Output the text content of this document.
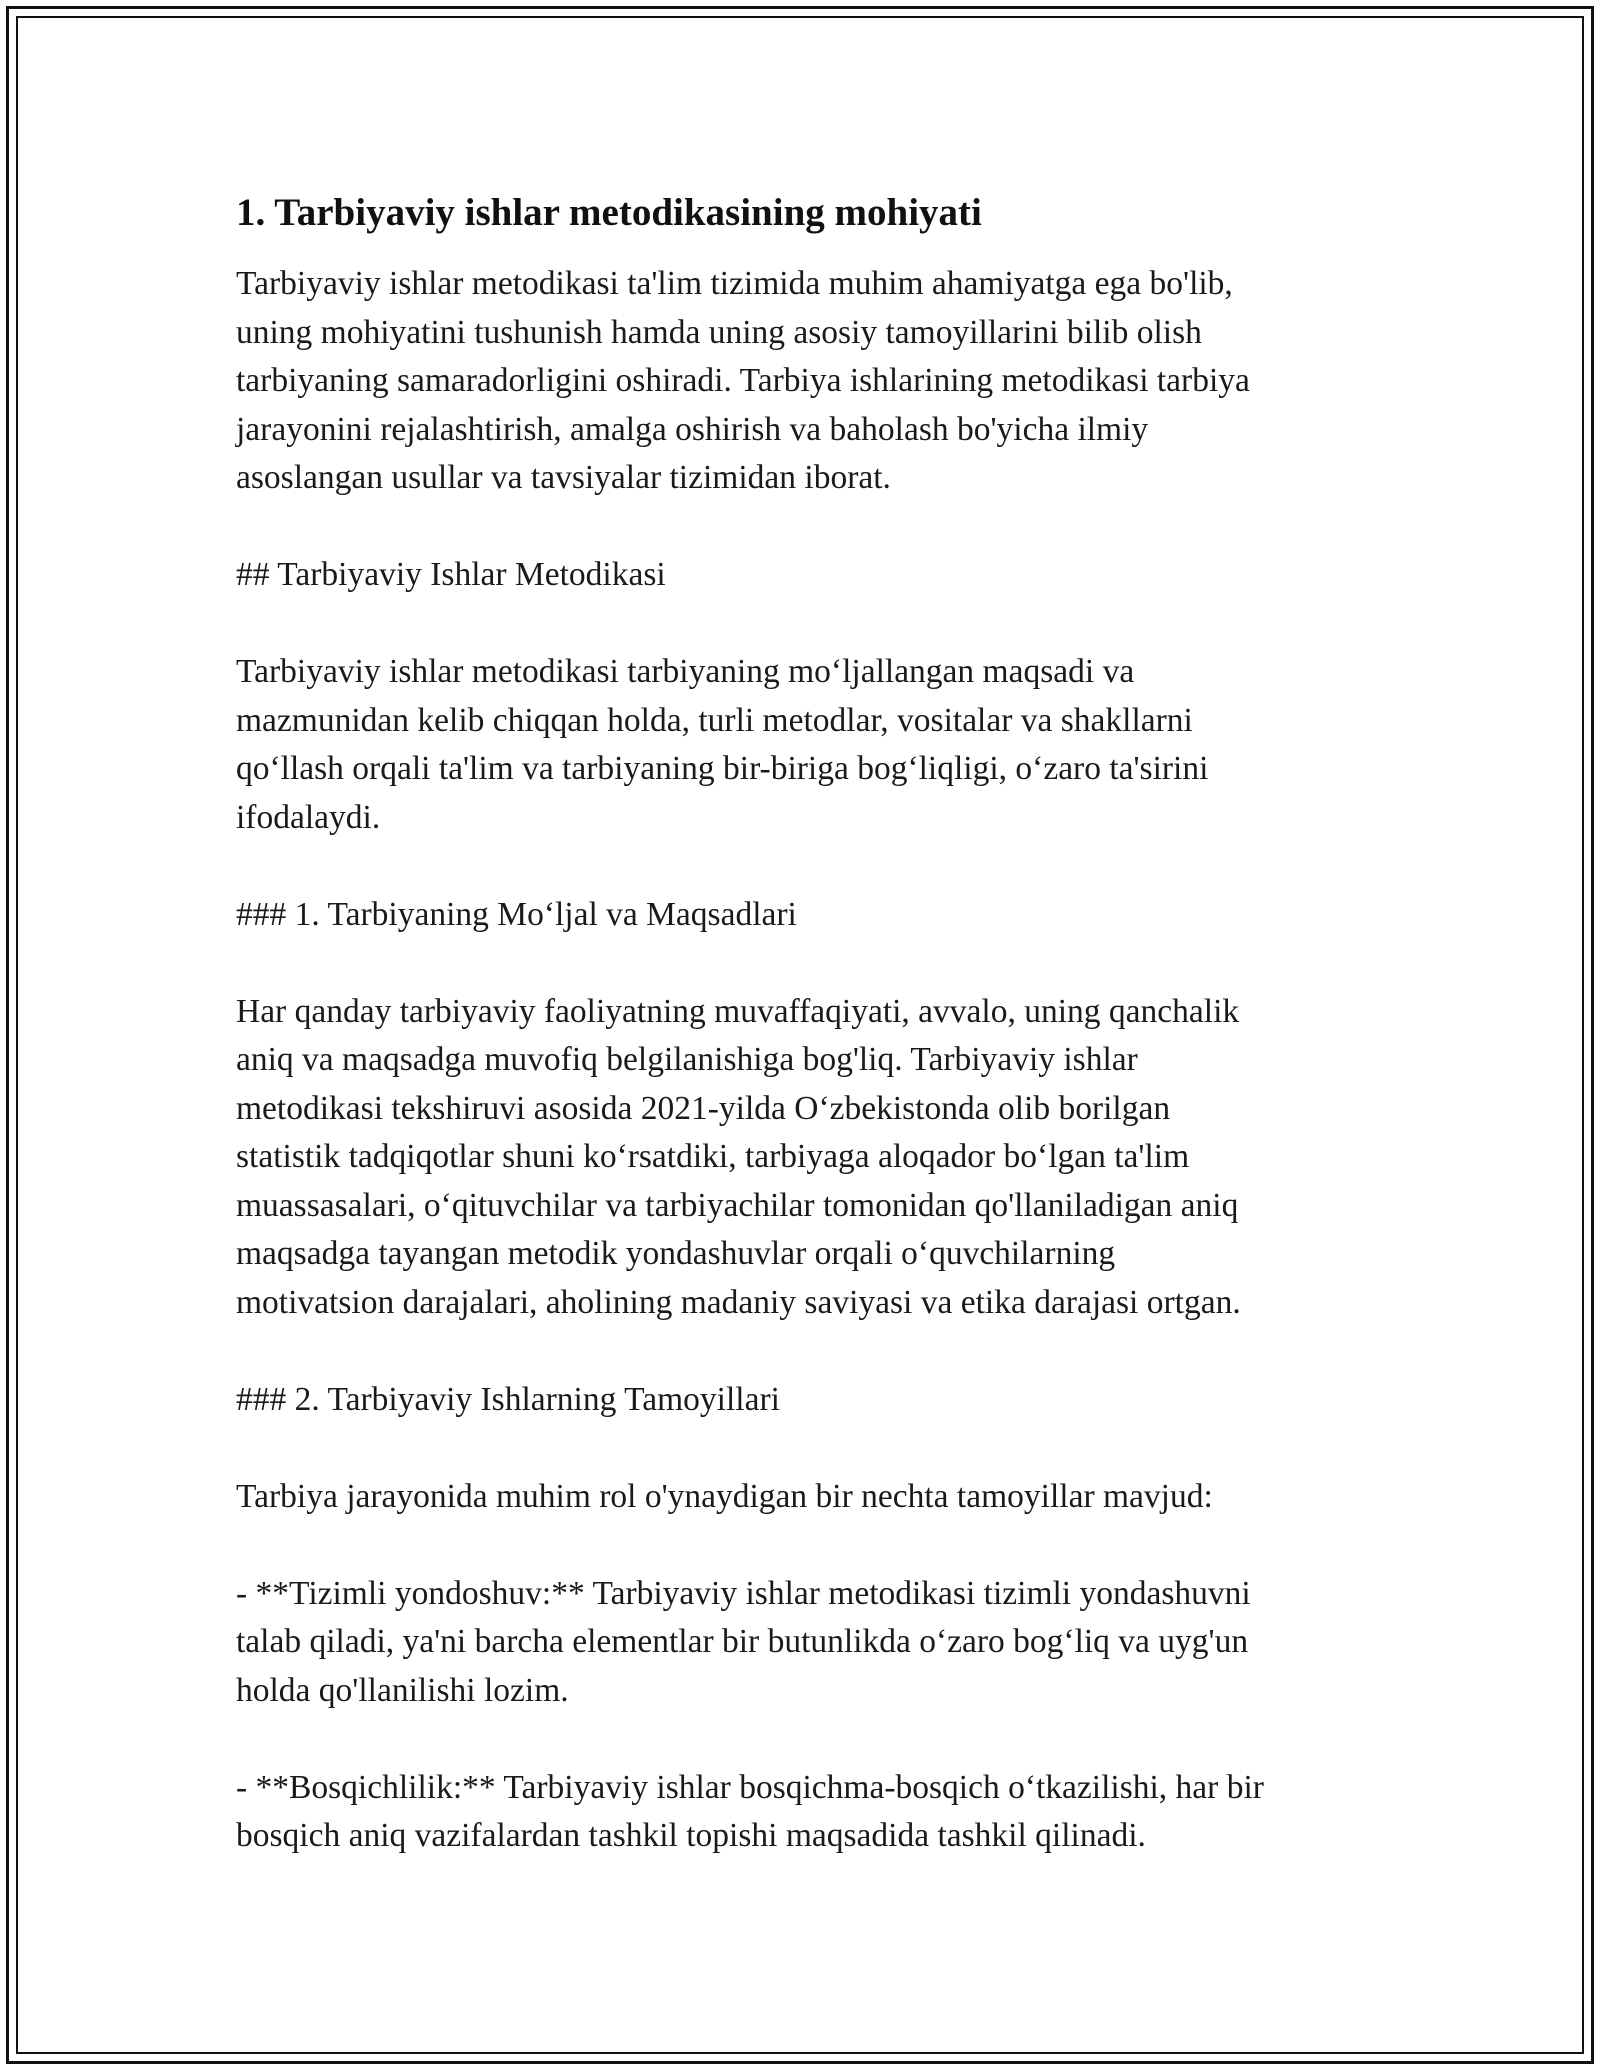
1. Tarbiyaviy ishlar metodikasining mohiyati
Tarbiyaviy ishlar metodikasi ta'lim tizimida muhim ahamiyatga ega bo'lib,
uning mohiyatini tushunish hamda uning asosiy tamoyillarini bilib olish
tarbiyaning samaradorligini oshiradi. Tarbiya ishlarining metodikasi tarbiya
jarayonini rejalashtirish, amalga oshirish va baholash bo'yicha ilmiy
asoslangan usullar va tavsiyalar tizimidan iborat.
## Tarbiyaviy Ishlar Metodikasi
Tarbiyaviy ishlar metodikasi tarbiyaning moʻljallangan maqsadi va
mazmunidan kelib chiqqan holda, turli metodlar, vositalar va shakllarni
qoʻllash orqali ta'lim va tarbiyaning bir-biriga bogʻliqligi, oʻzaro ta'sirini
ifodalaydi.
### 1. Tarbiyaning Moʻljal va Maqsadlari
Har qanday tarbiyaviy faoliyatning muvaffaqiyati, avvalo, uning qanchalik
aniq va maqsadga muvofiq belgilanishiga bog'liq. Tarbiyaviy ishlar
metodikasi tekshiruvi asosida 2021-yilda Oʻzbekistonda olib borilgan
statistik tadqiqotlar shuni koʻrsatdiki, tarbiyaga aloqador boʻlgan ta'lim
muassasalari, oʻqituvchilar va tarbiyachilar tomonidan qo'llaniladigan aniq
maqsadga tayangan metodik yondashuvlar orqali oʻquvchilarning
motivatsion darajalari, aholining madaniy saviyasi va etika darajasi ortgan.
### 2. Tarbiyaviy Ishlarning Tamoyillari
Tarbiya jarayonida muhim rol o'ynaydigan bir nechta tamoyillar mavjud:
- **Tizimli yondoshuv:** Tarbiyaviy ishlar metodikasi tizimli yondashuvni
talab qiladi, ya'ni barcha elementlar bir butunlikda oʻzaro bogʻliq va uyg'un
holda qo'llanilishi lozim.
- **Bosqichlilik:** Tarbiyaviy ishlar bosqichma-bosqich oʻtkazilishi, har bir
bosqich aniq vazifalardan tashkil topishi maqsadida tashkil qilinadi.
